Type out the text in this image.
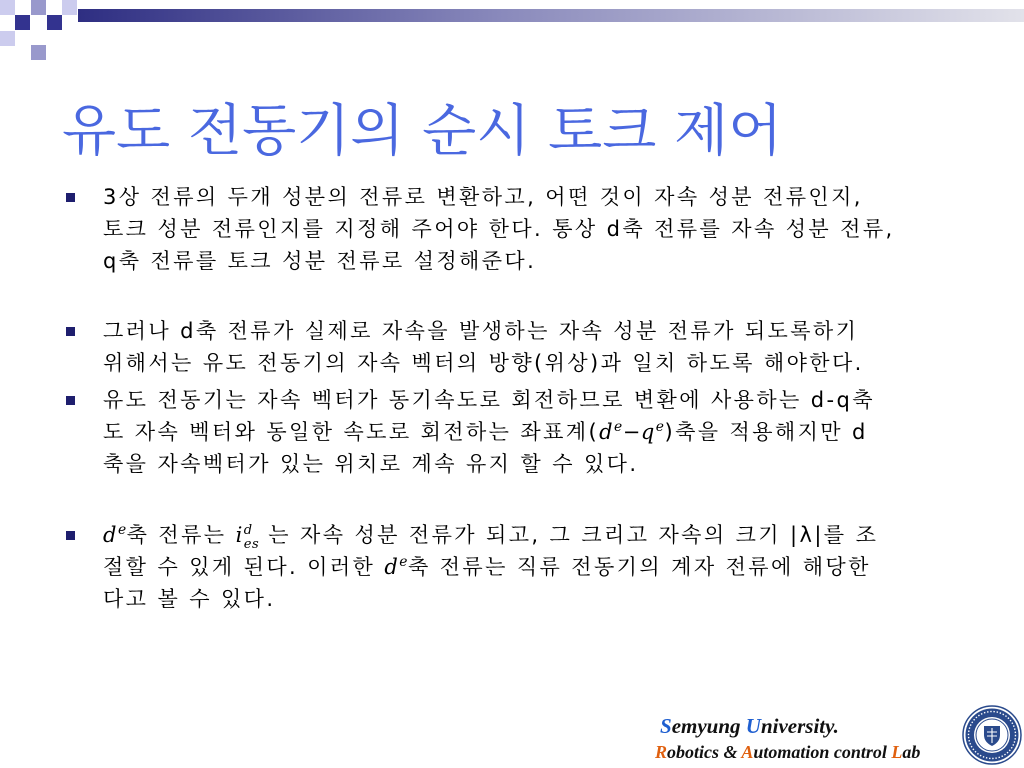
유도 전동기의 순시 토크 제어
3상 전류의 두개 성분의 전류로 변환하고, 어떤 것이 자속 성분 전류인지,
토크 성분 전류인지를 지정해 주어야 한다. 통상 d축 전류를 자속 성분 전류,
q축 전류를 토크 성분 전류로 설정해준다.
그러나 d축 전류가 실제로 자속을 발생하는 자속 성분 전류가 되도록하기
위해서는 유도 전동기의 자속 벡터의 방향(위상)과 일치 하도록 해야한다.
유도 전동기는 자속 벡터가 동기속도로 회전하므로 변환에 사용하는 d-q축
도 자속 벡터와 동일한 속도로 회전하는 좌표계$(d^e-q^e)$축을 적용해지만 d
축을 자속벡터가 있는 위치로 계속 유지 할 수 있다.
$d^e$축 전류는 i d
es 는 자속 성분 전류가 되고, 그 크리고 자속의 크기 |λ|를 조
절할 수 있게 된다. 이러한 $d^e$축 전류는 직류 전동기의 계자 전류에 해당한
다고 볼 수 있다.
Semyung University.
Robotics & Automation control Lab
